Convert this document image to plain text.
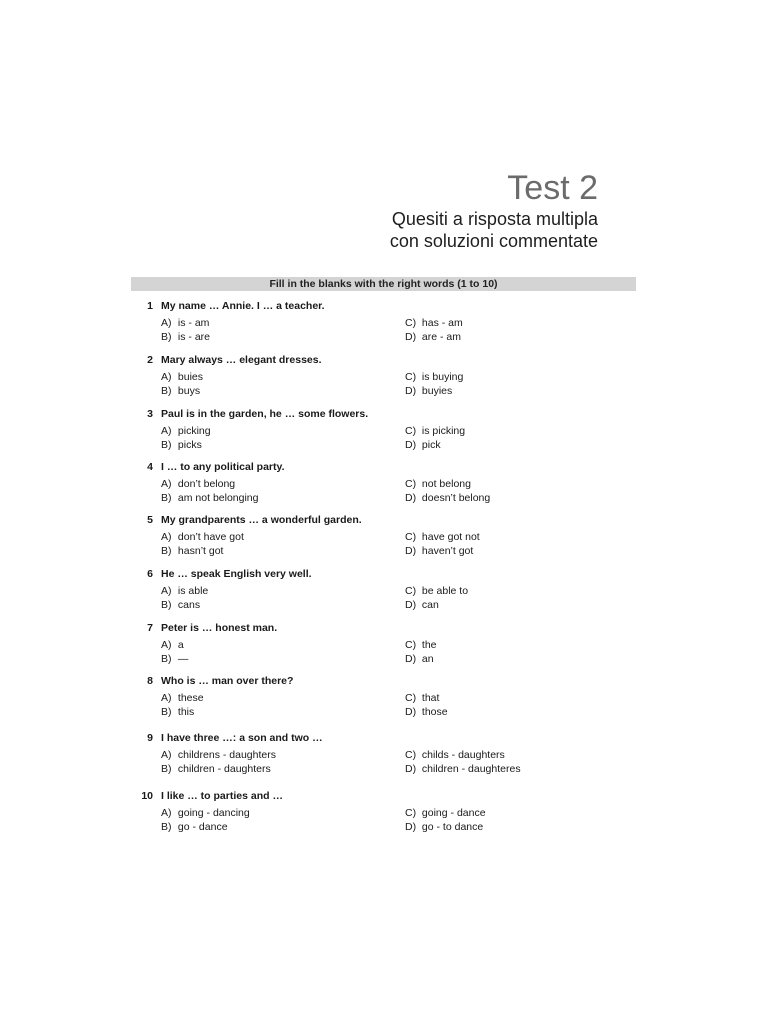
Test 2
Quesiti a risposta multipla
con soluzioni commentate
Fill in the blanks with the right words (1 to 10)
1 My name … Annie. I … a teacher.
A) is - am
B) is - are
C) has - am
D) are - am
2 Mary always … elegant dresses.
A) buies
B) buys
C) is buying
D) buyies
3 Paul is in the garden, he … some flowers.
A) picking
B) picks
C) is picking
D) pick
4 I … to any political party.
A) don’t belong
B) am not belonging
C) not belong
D) doesn’t belong
5 My grandparents … a wonderful garden.
A) don’t have got
B) hasn’t got
C) have got not
D) haven’t got
6 He … speak English very well.
A) is able
B) cans
C) be able to
D) can
7 Peter is … honest man.
A) a
B) —
C) the
D) an
8 Who is … man over there?
A) these
B) this
C) that
D) those
9 I have three …: a son and two …
A) childrens - daughters
B) children - daughters
C) childs - daughters
D) children - daughteres
10 I like … to parties and …
A) going - dancing
B) go - dance
C) going - dance
D) go - to dance
